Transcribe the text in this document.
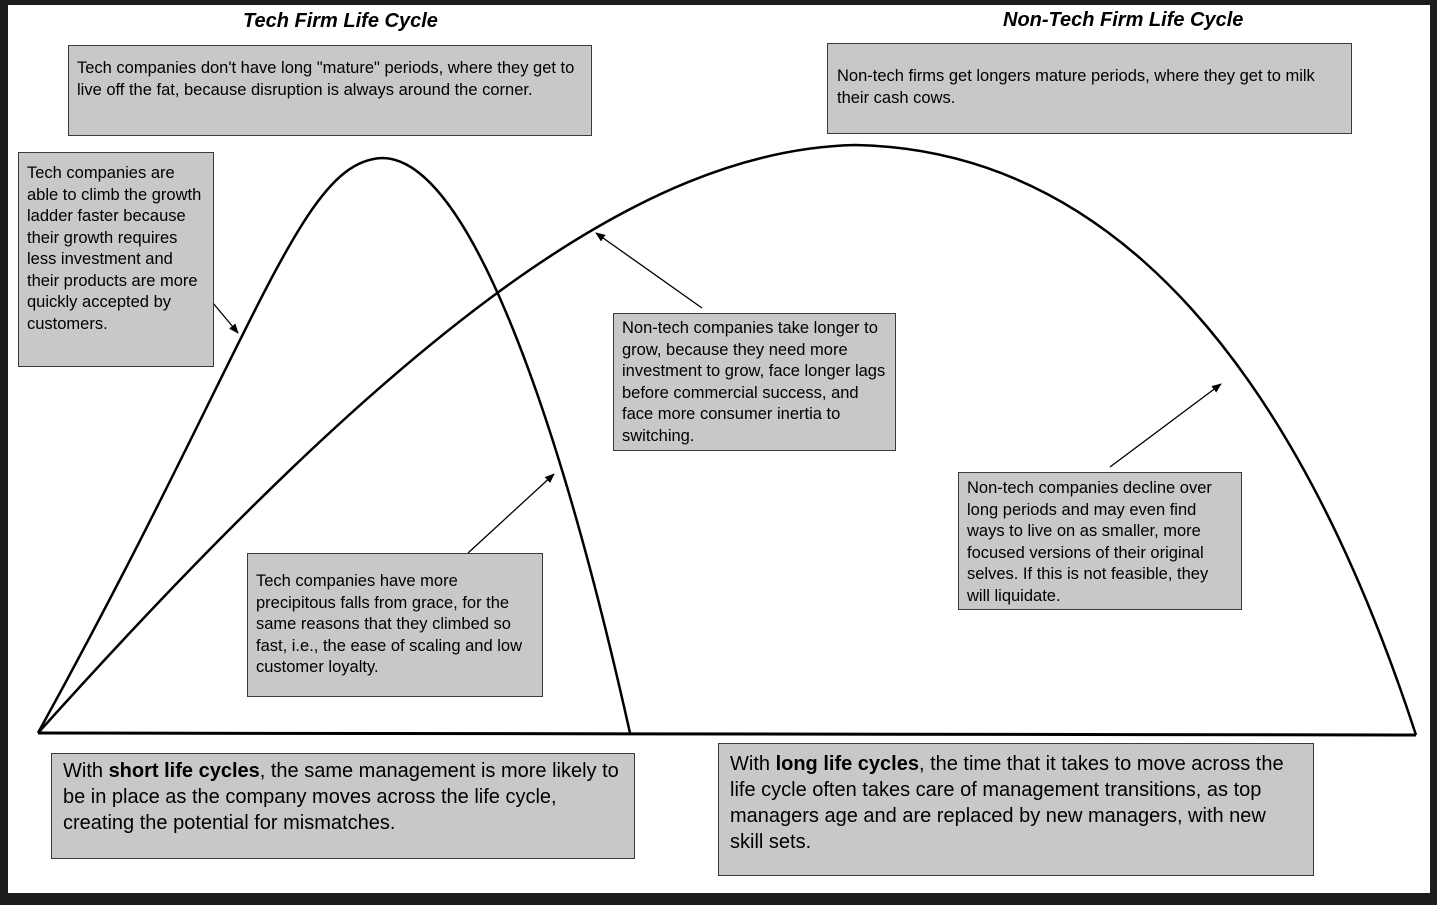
Tech Firm Life Cycle	Non-Tech Firm Life Cycle
Tech companies don't have long "mature" periods, where they get to live off the fat, because disruption is always around the corner.
Tech companies are able to climb the growth ladder faster because their growth requires less investment and their products are more quickly accepted by customers.
Tech companies have more precipitous falls from grace, for the same reasons that they climbed so fast, i.e., the ease of scaling and low customer loyalty.
Non-tech firms get longers mature periods, where they get to milk their cash cows.
Non-tech companies take longer to grow, because they need more investment to grow, face longer lags before commercial success, and face more consumer inertia to switching.
Non-tech companies decline over long periods and may even find ways to live on as smaller, more focused versions of their original selves. If this is not feasible, they will liquidate.
With short life cycles, the same management is more likely to be in place as the company moves across the life cycle, creating the potential for mismatches.
With long life cycles, the time that it takes to move across the life cycle often takes care of management transitions, as top managers age and are replaced by new managers, with new skill sets.
